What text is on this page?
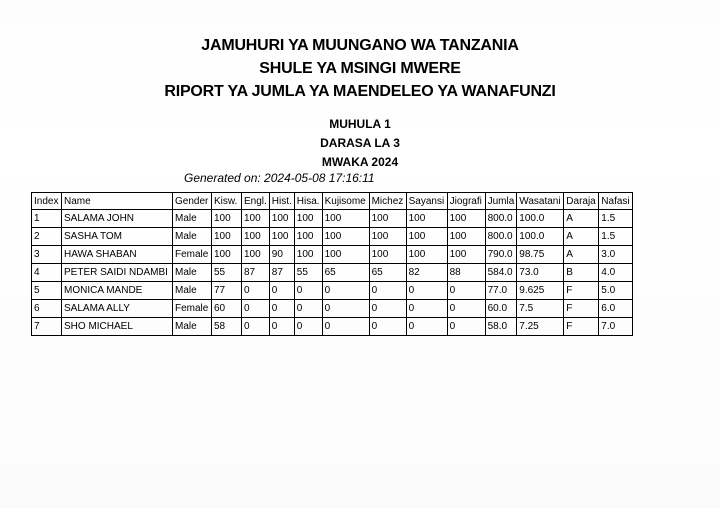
JAMUHURI YA MUUNGANO WA TANZANIA
SHULE YA MSINGI MWERE
RIPORT YA JUMLA YA MAENDELEO YA WANAFUNZI
MUHULA 1
DARASA LA 3
MWAKA 2024
Generated on: 2024-05-08 17:16:11
Index	Name	Gender	Kisw.	Engl.	Hist.	Hisa.	Kujisome	Michez	Sayansi	Jiografi	Jumla	Wasatani	Daraja	Nafasi
1	SALAMA JOHN	Male	100	100	100	100	100	100	100	100	800.0	100.0	A	1.5
2	SASHA TOM	Male	100	100	100	100	100	100	100	100	800.0	100.0	A	1.5
3	HAWA SHABAN	Female	100	100	90	100	100	100	100	100	790.0	98.75	A	3.0
4	PETER SAIDI NDAMBI	Male	55	87	87	55	65	65	82	88	584.0	73.0	B	4.0
5	MONICA MANDE	Male	77	0	0	0	0	0	0	0	77.0	9.625	F	5.0
6	SALAMA ALLY	Female	60	0	0	0	0	0	0	0	60.0	7.5	F	6.0
7	SHO MICHAEL	Male	58	0	0	0	0	0	0	0	58.0	7.25	F	7.0
